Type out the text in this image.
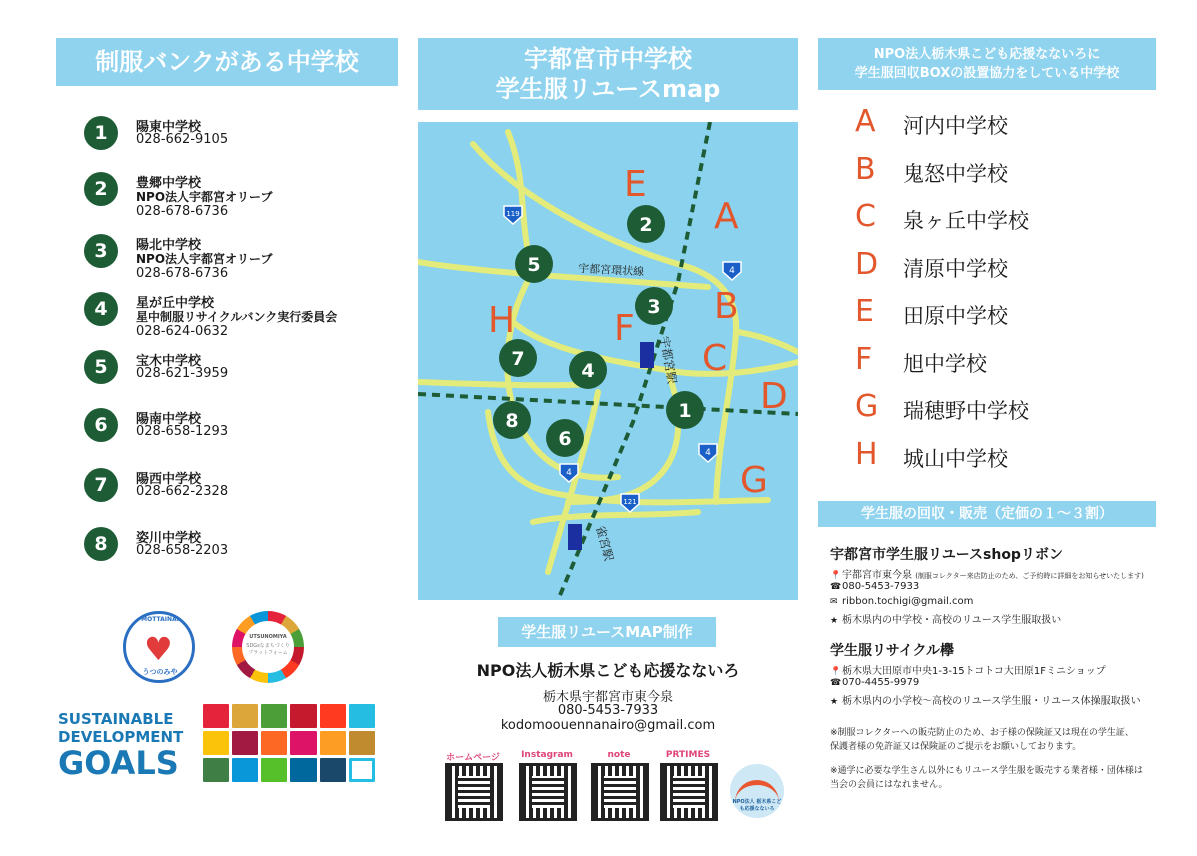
制服バンクがある中学校
1	陽東中学校
028-662-9105
2	豊郷中学校
NPO法人宇都宮オリーブ
028-678-6736
3	陽北中学校
NPO法人宇都宮オリーブ
028-678-6736
4	星が丘中学校
星中制服リサイクルバンク実行委員会
028-624-0632
5	宝木中学校
028-621-3959
6	陽南中学校
028-658-1293
7	陽西中学校
028-662-2328
8	姿川中学校
028-658-2203
MOTTAINAI
♥
うつのみや
UTSUNOMIYA
SDGsなまちづくりプラットフォーム
SUSTAINABLE
DEVELOPMENT
GOALS
宇都宮市中学校
学生服リユースmap
宇都宮駅
雀宮駅
宇都宮環状線
119
4
4
4
121
A
B
C
D
E
F
G
H
1
2
3
4
5
6
7
8
学生服リユースMAP制作
NPO法人栃木県こども応援なないろ
栃木県宇都宮市東今泉
080-5453-7933
kodomoouennanairo@gmail.com
ホームページ	Instagram	note	PRTIMES
NPO法人 栃木県こども応援なないろ
NPO法人栃木県こども応援なないろに
学生服回収BOXの設置協力をしている中学校
A 河内中学校
B 鬼怒中学校
C 泉ヶ丘中学校
D 清原中学校
E 田原中学校
F 旭中学校
G 瑞穂野中学校
H 城山中学校
学生服の回収・販売（定価の１～３割）
宇都宮市学生服リユースshopリボン
📍宇都宮市東今泉 (制服コレクター来店防止のため、ご予約時に詳細をお知らせいたします)
☎080-5453-7933
✉ ribbon.tochigi@gmail.com
★ 栃木県内の中学校・高校のリユース学生服取扱い
学生服リサイクル欅
📍栃木県大田原市中央1-3-15トコトコ大田原1Fミニショップ
☎070-4455-9979
★ 栃木県内の小学校～高校のリユース学生服・リユース体操服取扱い
※制服コレクターへの販売防止のため、お子様の保険証又は現在の学生証、
保護者様の免許証又は保険証のご提示をお願いしております。
※通学に必要な学生さん以外にもリユース学生服を販売する業者様・団体様は
当会の会員にはなれません。
